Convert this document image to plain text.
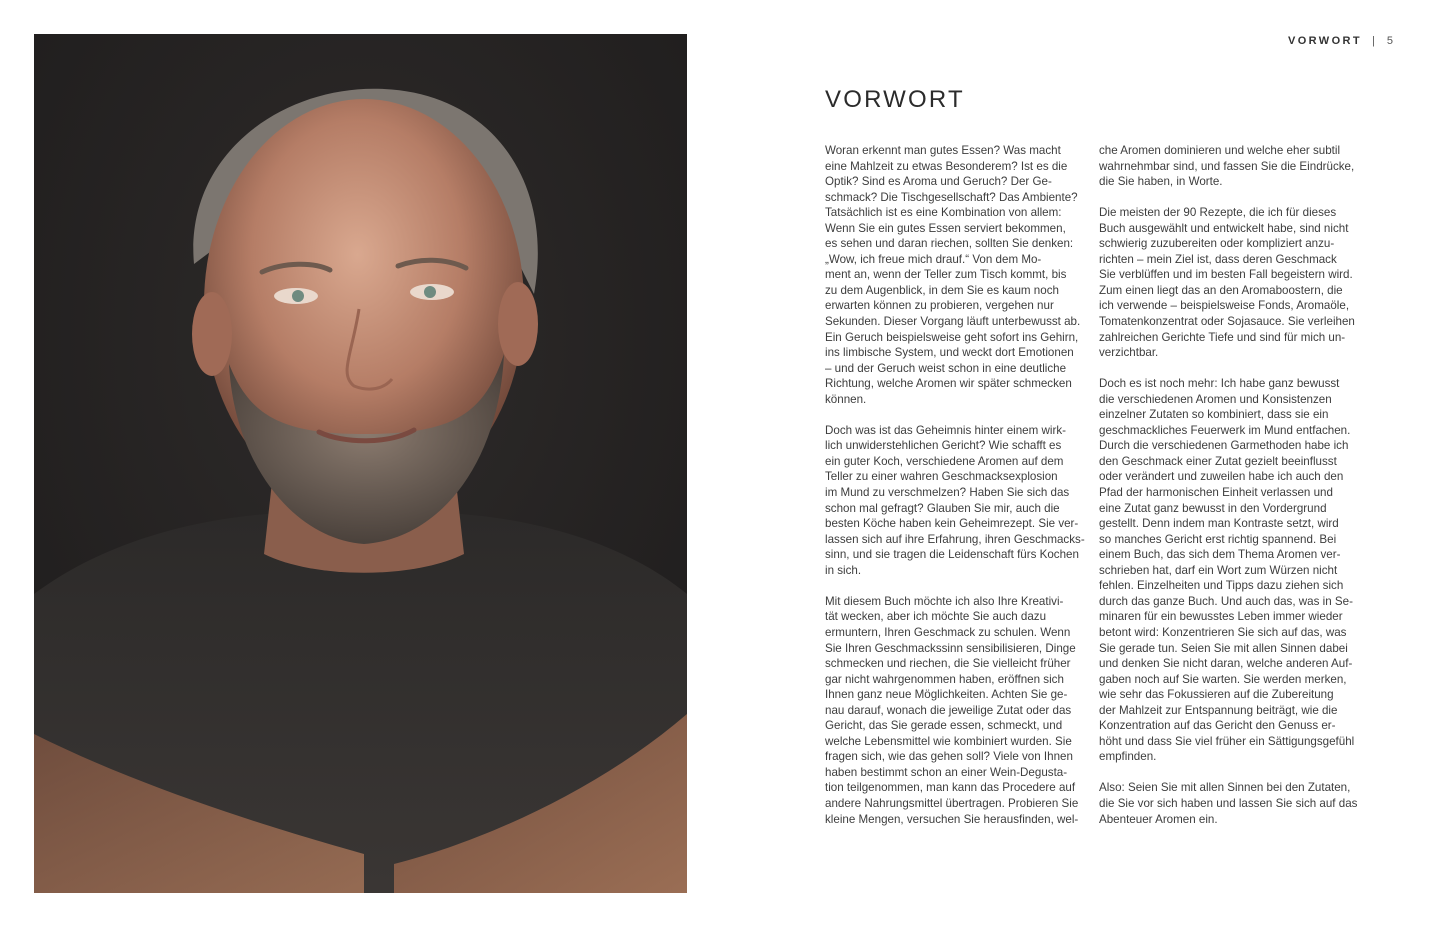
VORWORT | 5
VORWORT

Woran erkennt man gutes Essen? Was macht
eine Mahlzeit zu etwas Besonderem? Ist es die
Optik? Sind es Aroma und Geruch? Der Ge-
schmack? Die Tischgesellschaft? Das Ambiente?
Tatsächlich ist es eine Kombination von allem:
Wenn Sie ein gutes Essen serviert bekommen,
es sehen und daran riechen, sollten Sie denken:
„Wow, ich freue mich drauf.“ Von dem Mo-
ment an, wenn der Teller zum Tisch kommt, bis
zu dem Augenblick, in dem Sie es kaum noch
erwarten können zu probieren, vergehen nur
Sekunden. Dieser Vorgang läuft unterbewusst ab.
Ein Geruch beispielsweise geht sofort ins Gehirn,
ins limbische System, und weckt dort Emotionen
– und der Geruch weist schon in eine deutliche
Richtung, welche Aromen wir später schmecken
können.

Doch was ist das Geheimnis hinter einem wirk-
lich unwiderstehlichen Gericht? Wie schafft es
ein guter Koch, verschiedene Aromen auf dem
Teller zu einer wahren Geschmacksexplosion
im Mund zu verschmelzen? Haben Sie sich das
schon mal gefragt? Glauben Sie mir, auch die
besten Köche haben kein Geheimrezept. Sie ver-
lassen sich auf ihre Erfahrung, ihren Geschmacks-
sinn, und sie tragen die Leidenschaft fürs Kochen
in sich.

Mit diesem Buch möchte ich also Ihre Kreativi-
tät wecken, aber ich möchte Sie auch dazu
ermuntern, Ihren Geschmack zu schulen. Wenn
Sie Ihren Geschmackssinn sensibilisieren, Dinge
schmecken und riechen, die Sie vielleicht früher
gar nicht wahrgenommen haben, eröffnen sich
Ihnen ganz neue Möglichkeiten. Achten Sie ge-
nau darauf, wonach die jeweilige Zutat oder das
Gericht, das Sie gerade essen, schmeckt, und
welche Lebensmittel wie kombiniert wurden. Sie
fragen sich, wie das gehen soll? Viele von Ihnen
haben bestimmt schon an einer Wein-Degusta-
tion teilgenommen, man kann das Procedere auf
andere Nahrungsmittel übertragen. Probieren Sie
kleine Mengen, versuchen Sie herausfinden, wel-

che Aromen dominieren und welche eher subtil
wahrnehmbar sind, und fassen Sie die Eindrücke,
die Sie haben, in Worte.

Die meisten der 90 Rezepte, die ich für dieses
Buch ausgewählt und entwickelt habe, sind nicht
schwierig zuzubereiten oder kompliziert anzu-
richten – mein Ziel ist, dass deren Geschmack
Sie verblüffen und im besten Fall begeistern wird.
Zum einen liegt das an den Aromaboostern, die
ich verwende – beispielsweise Fonds, Aromaöle,
Tomatenkonzentrat oder Sojasauce. Sie verleihen
zahlreichen Gerichte Tiefe und sind für mich un-
verzichtbar.

Doch es ist noch mehr: Ich habe ganz bewusst
die verschiedenen Aromen und Konsistenzen
einzelner Zutaten so kombiniert, dass sie ein
geschmackliches Feuerwerk im Mund entfachen.
Durch die verschiedenen Garmethoden habe ich
den Geschmack einer Zutat gezielt beeinflusst
oder verändert und zuweilen habe ich auch den
Pfad der harmonischen Einheit verlassen und
eine Zutat ganz bewusst in den Vordergrund
gestellt. Denn indem man Kontraste setzt, wird
so manches Gericht erst richtig spannend. Bei
einem Buch, das sich dem Thema Aromen ver-
schrieben hat, darf ein Wort zum Würzen nicht
fehlen. Einzelheiten und Tipps dazu ziehen sich
durch das ganze Buch. Und auch das, was in Se-
minaren für ein bewusstes Leben immer wieder
betont wird: Konzentrieren Sie sich auf das, was
Sie gerade tun. Seien Sie mit allen Sinnen dabei
und denken Sie nicht daran, welche anderen Auf-
gaben noch auf Sie warten. Sie werden merken,
wie sehr das Fokussieren auf die Zubereitung
der Mahlzeit zur Entspannung beiträgt, wie die
Konzentration auf das Gericht den Genuss er-
höht und dass Sie viel früher ein Sättigungsgefühl
empfinden.

Also: Seien Sie mit allen Sinnen bei den Zutaten,
die Sie vor sich haben und lassen Sie sich auf das
Abenteuer Aromen ein.
